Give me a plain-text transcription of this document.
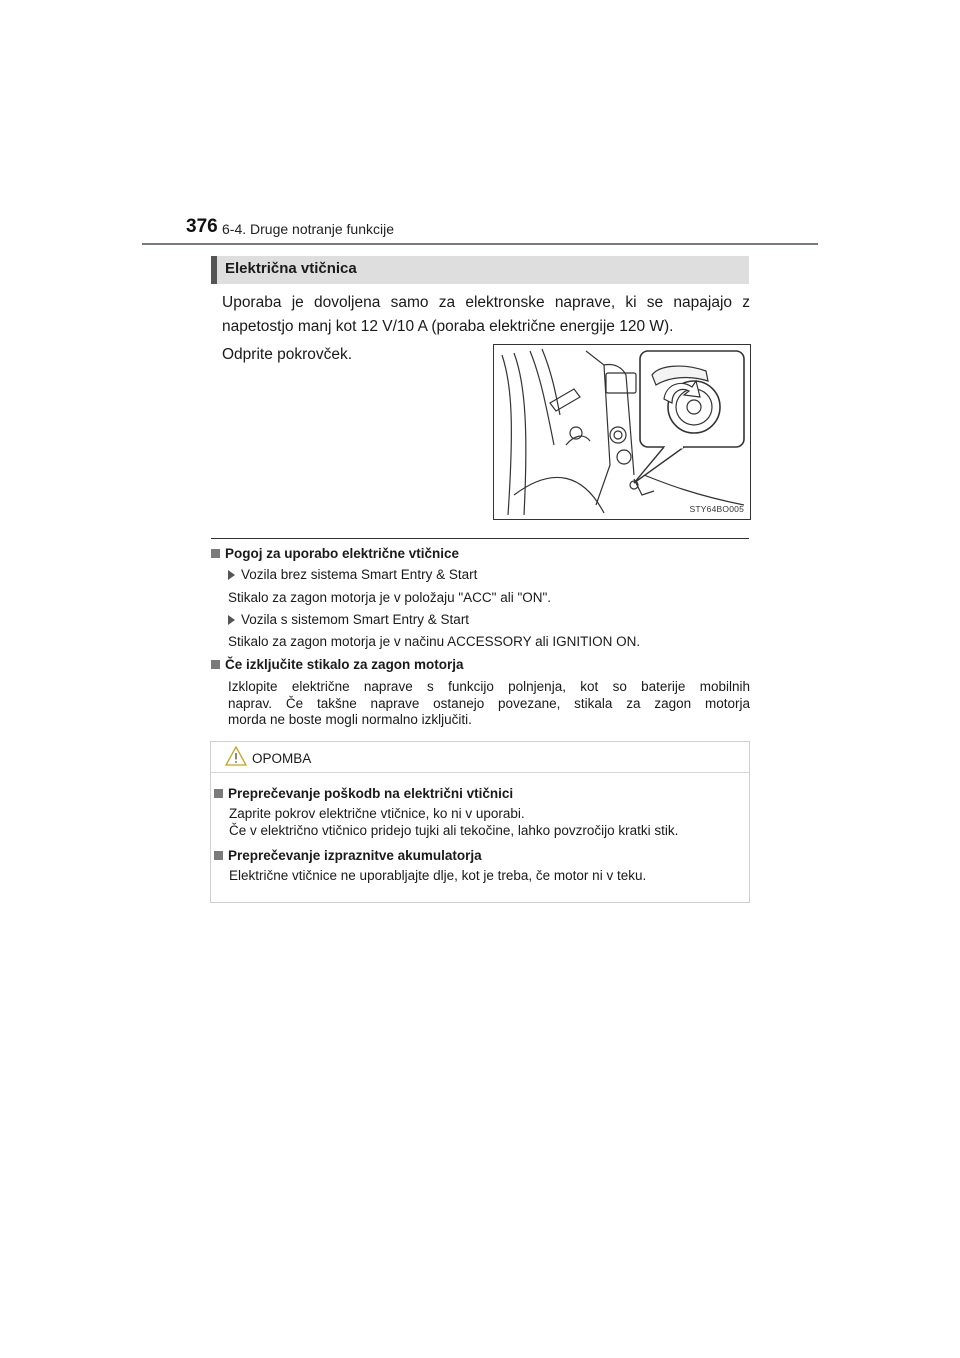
376 6-4. Druge notranje funkcije
Električna vtičnica
Uporaba je dovoljena samo za elektronske naprave, ki se napajajo z napetostjo manj kot 12 V/10 A (poraba električne energije 120 W).
Odprite pokrovček.
STY64BO005
Pogoj za uporabo električne vtičnice
Vozila brez sistema Smart Entry & Start
Stikalo za zagon motorja je v položaju "ACC" ali "ON".
Vozila s sistemom Smart Entry & Start
Stikalo za zagon motorja je v načinu ACCESSORY ali IGNITION ON.
Če izključite stikalo za zagon motorja
Izklopite električne naprave s funkcijo polnjenja, kot so baterije mobilnih
naprav. Če takšne naprave ostanejo povezane, stikala za zagon motorja
morda ne boste mogli normalno izključiti.
OPOMBA
Preprečevanje poškodb na električni vtičnici
Zaprite pokrov električne vtičnice, ko ni v uporabi.
Če v električno vtičnico pridejo tujki ali tekočine, lahko povzročijo kratki stik.
Preprečevanje izpraznitve akumulatorja
Električne vtičnice ne uporabljajte dlje, kot je treba, če motor ni v teku.
